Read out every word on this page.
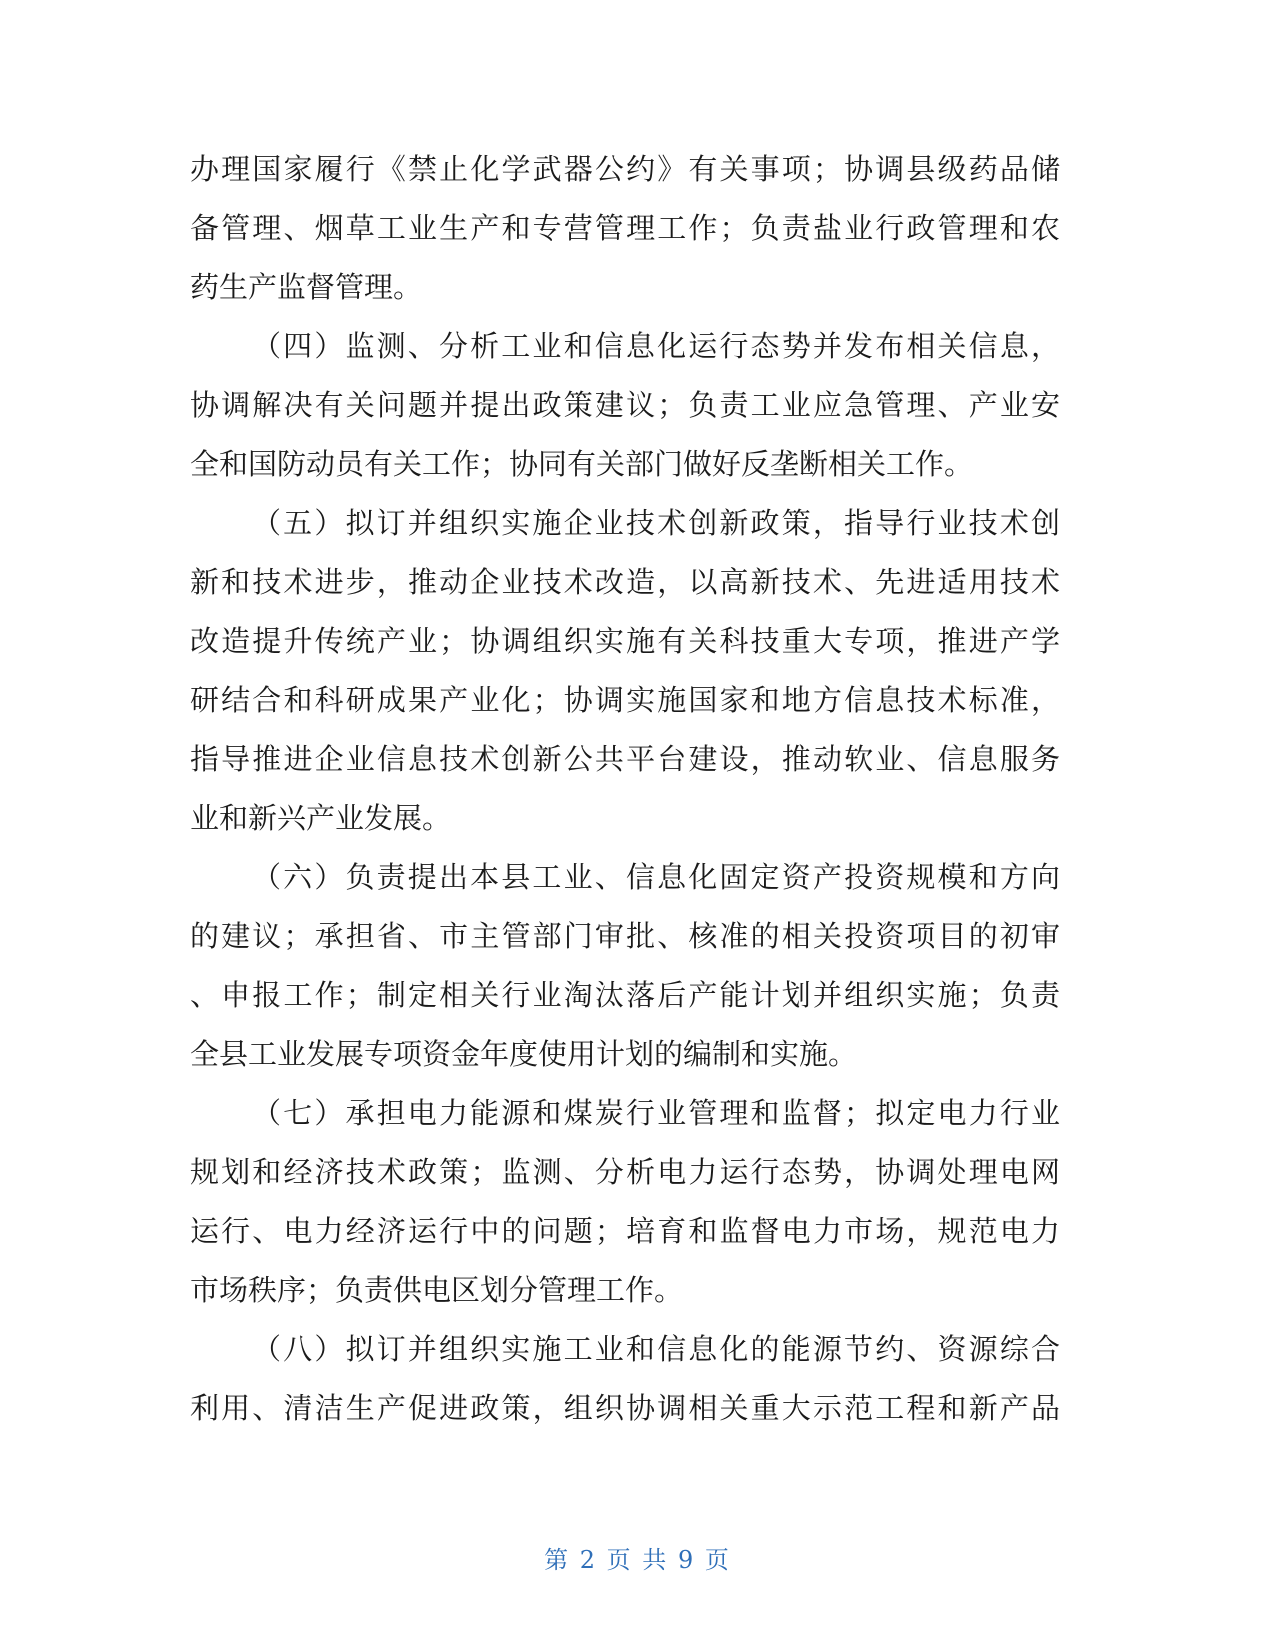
办理国家履行《禁止化学武器公约》有关事项；协调县级药品储
备管理、烟草工业生产和专营管理工作；负责盐业行政管理和农
药生产监督管理。
（四）监测、分析工业和信息化运行态势并发布相关信息，
协调解决有关问题并提出政策建议；负责工业应急管理、产业安
全和国防动员有关工作；协同有关部门做好反垄断相关工作。
（五）拟订并组织实施企业技术创新政策，指导行业技术创
新和技术进步，推动企业技术改造，以高新技术、先进适用技术
改造提升传统产业；协调组织实施有关科技重大专项，推进产学
研结合和科研成果产业化；协调实施国家和地方信息技术标准，
指导推进企业信息技术创新公共平台建设，推动软业、信息服务
业和新兴产业发展。
（六）负责提出本县工业、信息化固定资产投资规模和方向
的建议；承担省、市主管部门审批、核准的相关投资项目的初审
、申报工作；制定相关行业淘汰落后产能计划并组织实施；负责
全县工业发展专项资金年度使用计划的编制和实施。
（七）承担电力能源和煤炭行业管理和监督；拟定电力行业
规划和经济技术政策；监测、分析电力运行态势，协调处理电网
运行、电力经济运行中的问题；培育和监督电力市场，规范电力
市场秩序；负责供电区划分管理工作。
（八）拟订并组织实施工业和信息化的能源节约、资源综合
利用、清洁生产促进政策，组织协调相关重大示范工程和新产品
第 2 页 共 9 页
